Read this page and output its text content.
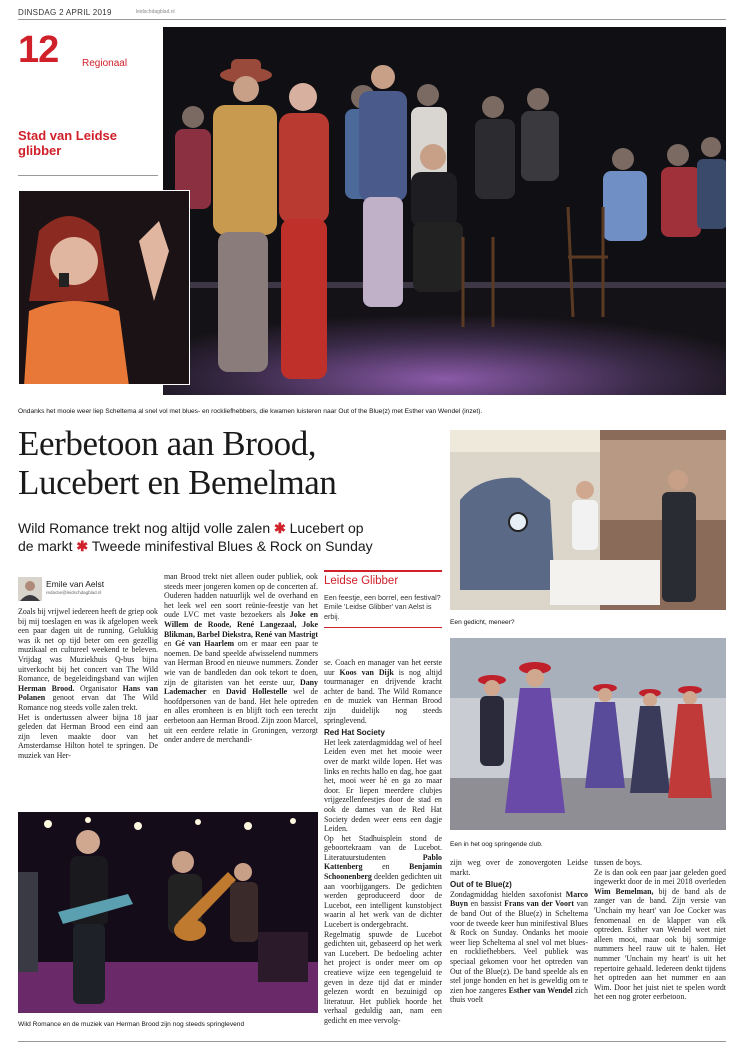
DINSDAG 2 APRIL 2019	leidschdagblad.nl
12 Regionaal
Stad van Leidse glibber
Ondanks het mooie weer liep Scheltema al snel vol met blues- en rockliefhebbers, die kwamen luisteren naar Out of the Blue(z) met Esther van Wendel (inzet).
Eerbetoon aan Brood,
Lucebert en Bemelman
Wild Romance trekt nog altijd volle zalen ✱ Lucebert op
de markt ✱ Tweede minifestival Blues & Rock on Sunday
Emile van Aelst
redactie@leidschdagblad.nl

Zoals bij vrijwel iedereen heeft de griep ook bij mij toeslagen en was ik afgelopen week een paar dagen uit de running. Gelukkig was ik net op tijd beter om een gezellig muzikaal en cultureel weekend te beleven. Vrijdag was Muziekhuis Q-bus bijna uitverkocht bij het concert van The Wild Romance, de begeleidingsband van wijlen Herman Brood. Organisator Hans van Polanen genoot ervan dat The Wild Romance nog steeds volle zalen trekt.

Het is ondertussen alweer bijna 18 jaar geleden dat Herman Brood een eind aan zijn leven maakte door van het Amsterdamse Hilton hotel te springen. De muziek van Her-

man Brood trekt niet alleen ouder publiek, ook steeds meer jongeren komen op de concerten af. Ouderen hadden natuurlijk wel de overhand en het leek wel een soort reünie-feestje van het oude LVC met vaste bezoekers als Joke en Willem de Roode, René Langezaal, Joke Blikman, Barbel Diekstra, René van Mastrigt en Gé van Haarlem om er maar een paar te noemen. De band speelde afwisselend nummers van Herman Brood en nieuwe nummers. Zonder wie van de bandleden dan ook tekort te doen, zijn de gitaristen van het eerste uur, Dany Lademacher en David Hollestelle wel de hoofdpersonen van de band. Het hele optreden en alles eromheen is en blijft toch een terecht eerbetoon aan Herman Brood. Zijn zoon Marcel, uit een eerdere relatie in Groningen, verzorgt onder andere de merchandi-

Leidse Glibber
Een feestje, een borrel, een festival? Emile 'Leidse Glibber' van Aelst is erbij.

se. Coach en manager van het eerste uur Koos van Dijk is nog altijd tourmanager en drijvende kracht achter de band. The Wild Romance en de muziek van Herman Brood zijn duidelijk nog steeds springlevend.

Red Hat Society

Het leek zaterdagmiddag wel of heel Leiden even met het mooie weer over de markt wilde lopen. Het was links en rechts hallo en dag, hoe gaat het, mooi weer hè en ga zo maar door. Er liepen meerdere clubjes vrijgezellenfeestjes door de stad en ook de dames van de Red Hat Society deden weer eens een dagje Leiden.

Op het Stadhuisplein stond de geboortekraam van de Lucebot. Literatuurstudenten	Pablo Kattenberg en Benjamin Schoonenberg deelden gedichten uit aan voorbijgangers. De gedichten werden geproduceerd door de Lucebot, een intelligent kunstobject waarin al het werk van de dichter Lucebert is ondergebracht.

Regelmatig spuwde de Lucebot gedichten uit, gebaseerd op het werk van Lucebert. De bedoeling achter het project is onder meer om op creatieve wijze een tegengeluid te geven in deze tijd dat er minder gelezen wordt en bezuinigd op literatuur. Het publiek hoorde het verhaal geduldig aan, nam een gedicht en mee vervolg-

Een gedicht, meneer?
Een in het oog springende club.

zijn weg over de zonovergoten Leidse markt.

Out of te Blue(z)

Zondagmiddag hielden saxofonist Marco Buyn en bassist Frans van der Voort van de band Out of the Blue(z) in Scheltema voor de tweede keer hun minifestival Blues & Rock on Sunday. Ondanks het mooie weer liep Scheltema al snel vol met blues- en rockliefhebbers. Veel publiek was speciaal gekomen voor het optreden van Out of the Blue(z). De band speelde als en stel jonge honden en het is geweldig om te zien hoe zangeres Esther van Wendel zich thuis voelt

tussen de boys.

Ze is dan ook een paar jaar geleden goed ingewerkt door de in mei 2018 overleden Wim Bemelman, bij de band als de zanger van de band. Zijn versie van 'Unchain my heart' van Joe Cocker was fenomenaal en de klapper van elk optreden. Esther van Wendel weet niet alleen mooi, maar ook bij sommige nummers heel rauw uit te halen. Het nummer 'Unchain my heart' is uit het repertoire gehaald. Iedereen denkt tijdens het optreden aan het nummer en aan Wim. Door het juist niet te spelen wordt het een nog groter eerbetoon.

Wild Romance en de muziek van Herman Brood zijn nog steeds springlevend
